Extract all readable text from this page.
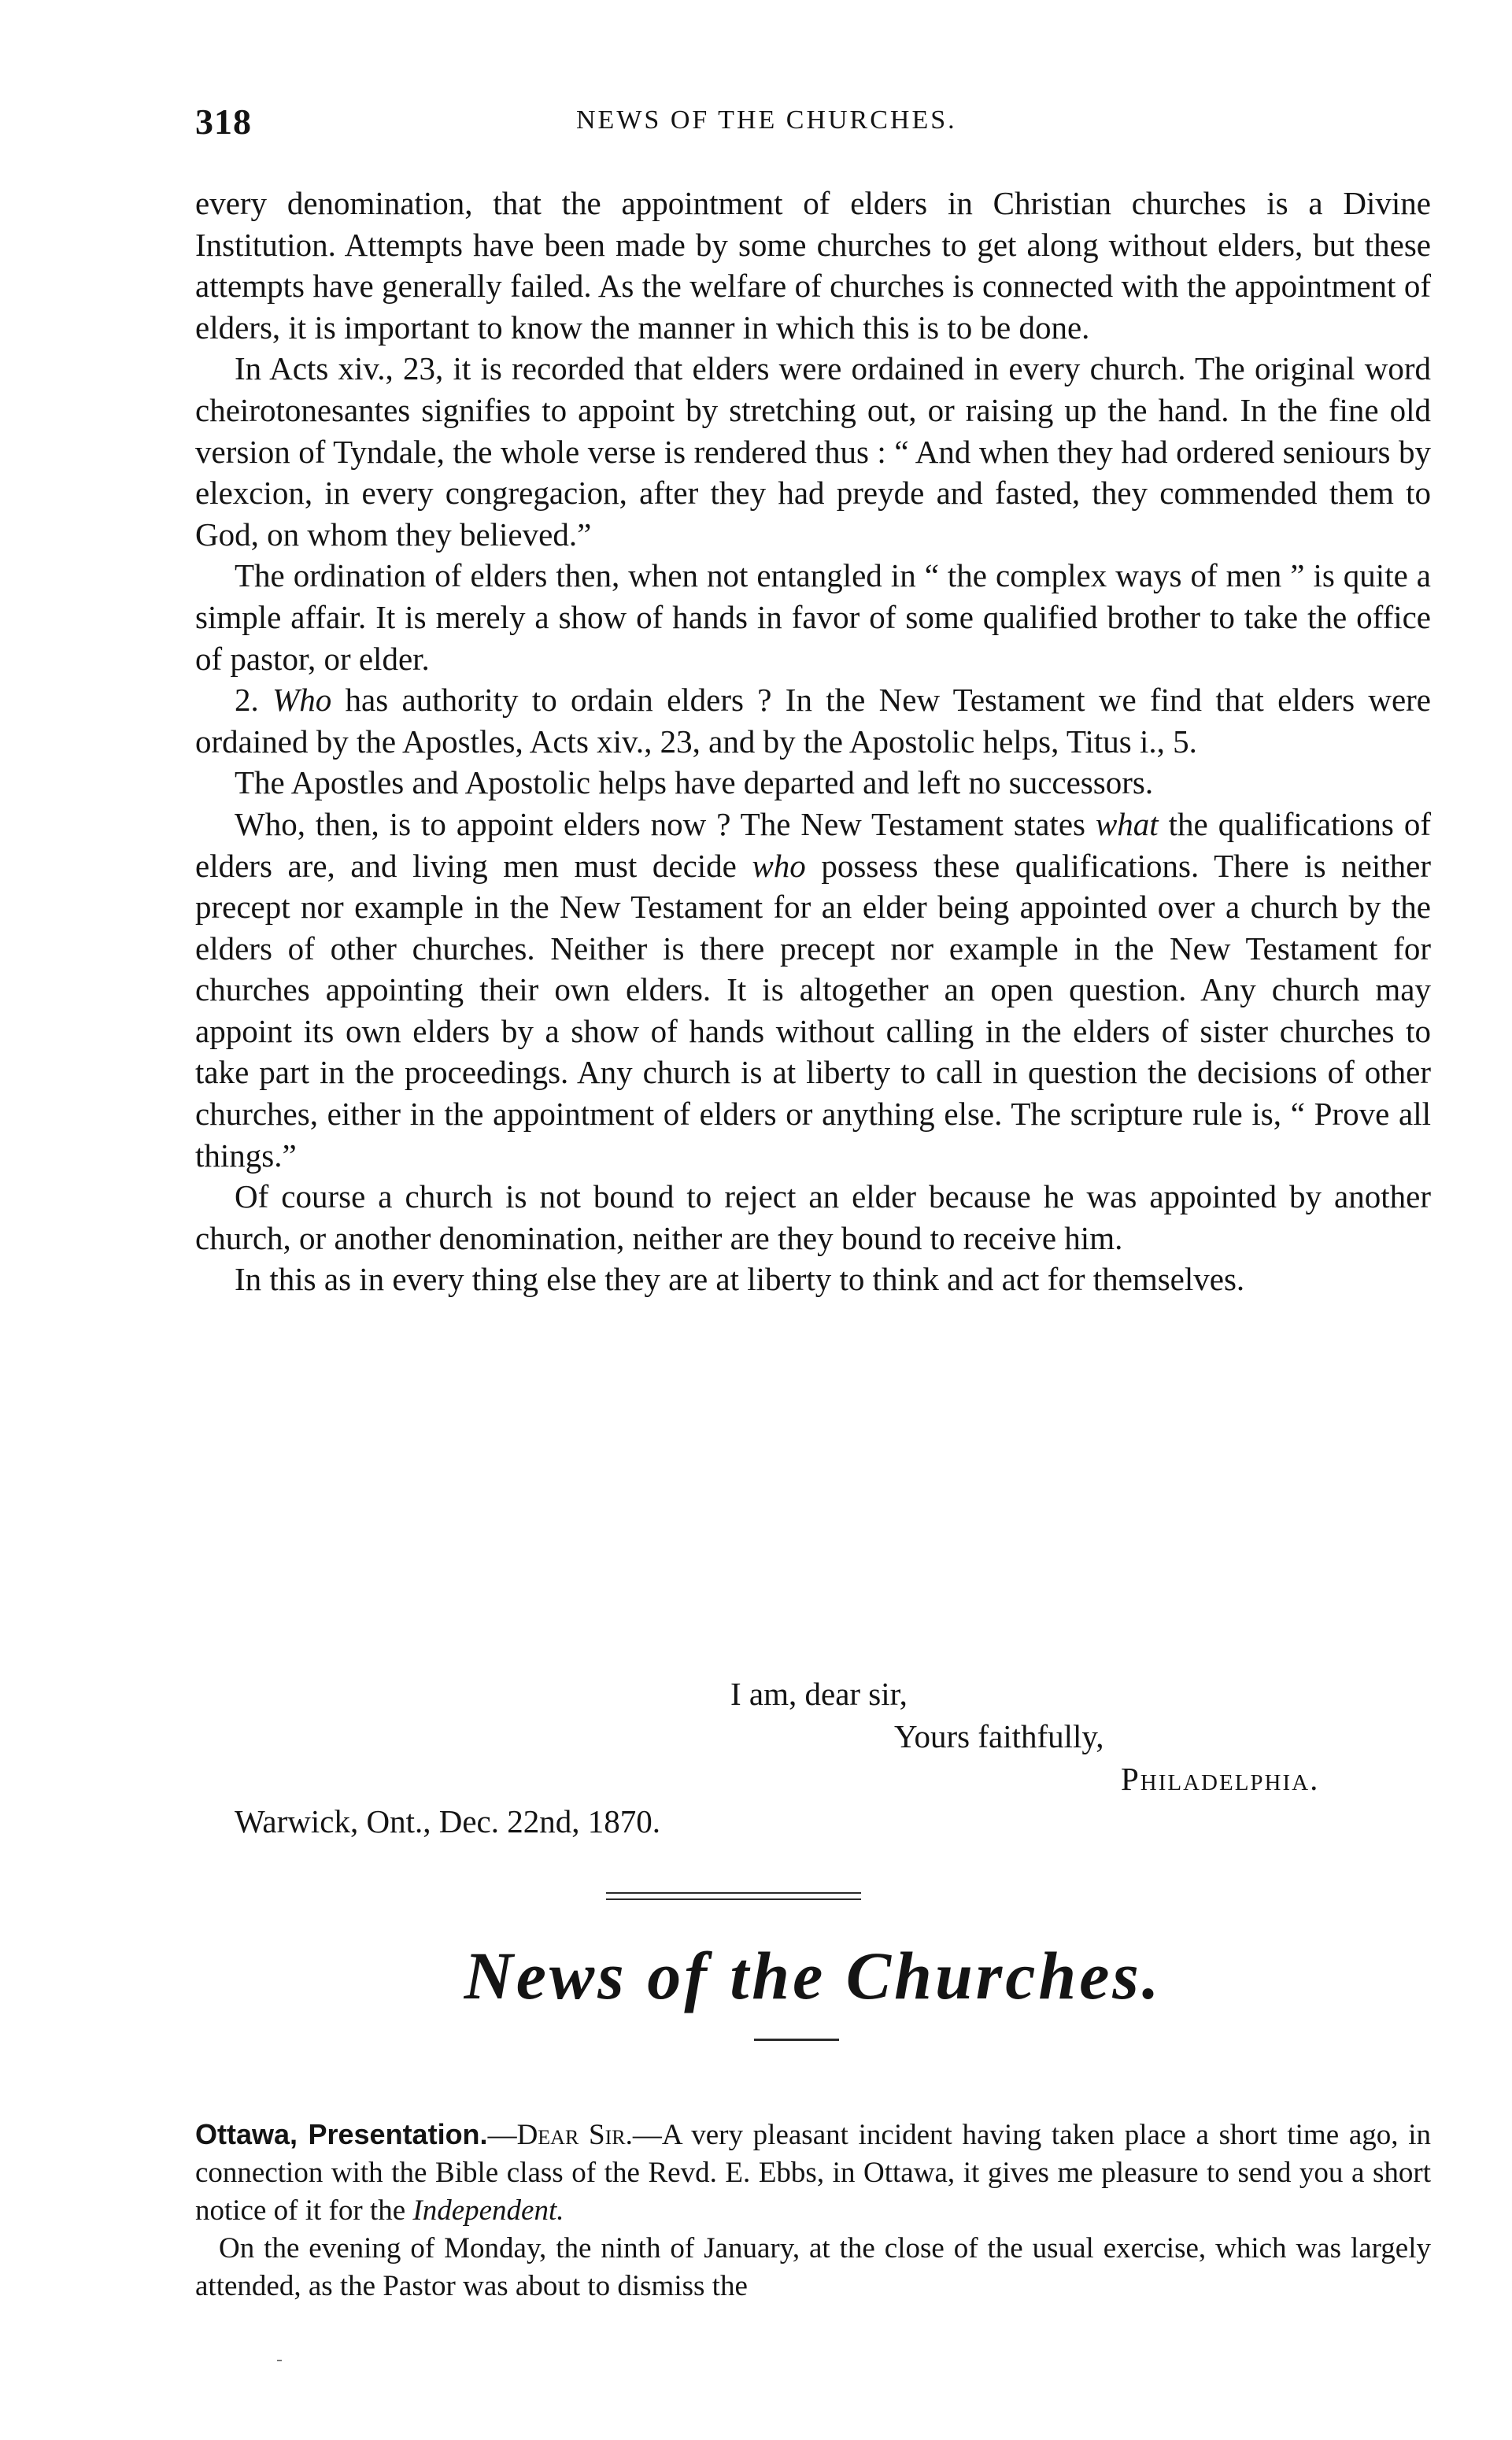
318	NEWS OF THE CHURCHES.

every denomination, that the appointment of elders in Christian churches is a Divine Institution. Attempts have been made by some churches to get along without elders, but these attempts have generally failed. As the welfare of churches is connected with the appointment of elders, it is important to know the manner in which this is to be done.

In Acts xiv., 23, it is recorded that elders were ordained in every church. The original word cheirotonesantes signifies to appoint by stretching out, or raising up the hand. In the fine old version of Tyndale, the whole verse is rendered thus : “ And when they had ordered seniours by elexcion, in every congregacion, after they had preyde and fasted, they commended them to God, on whom they believed.”

The ordination of elders then, when not entangled in “ the complex ways of men ” is quite a simple affair. It is merely a show of hands in favor of some qualified brother to take the office of pastor, or elder.

2. Who has authority to ordain elders ? In the New Testament we find that elders were ordained by the Apostles, Acts xiv., 23, and by the Apostolic helps, Titus i., 5.

The Apostles and Apostolic helps have departed and left no successors.

Who, then, is to appoint elders now ? The New Testament states what the qualifications of elders are, and living men must decide who possess these qualifications. There is neither precept nor example in the New Testament for an elder being appointed over a church by the elders of other churches. Neither is there precept nor example in the New Testament for churches appointing their own elders. It is altogether an open question. Any church may appoint its own elders by a show of hands without calling in the elders of sister churches to take part in the proceedings. Any church is at liberty to call in question the decisions of other churches, either in the appointment of elders or anything else. The scripture rule is, “ Prove all things.”

Of course a church is not bound to reject an elder because he was appointed by another church, or another denomination, neither are they bound to receive him.

In this as in every thing else they are at liberty to think and act for themselves.

I am, dear sir,
Yours faithfully,
Philadelphia.
Warwick, Ont., Dec. 22nd, 1870.
News of the Churches.

Ottawa, Presentation.—Dear Sir.—A very pleasant incident having taken place a short time ago, in connection with the Bible class of the Revd. E. Ebbs, in Ottawa, it gives me pleasure to send you a short notice of it for the Independent.

On the evening of Monday, the ninth of January, at the close of the usual exercise, which was largely attended, as the Pastor was about to dismiss the
